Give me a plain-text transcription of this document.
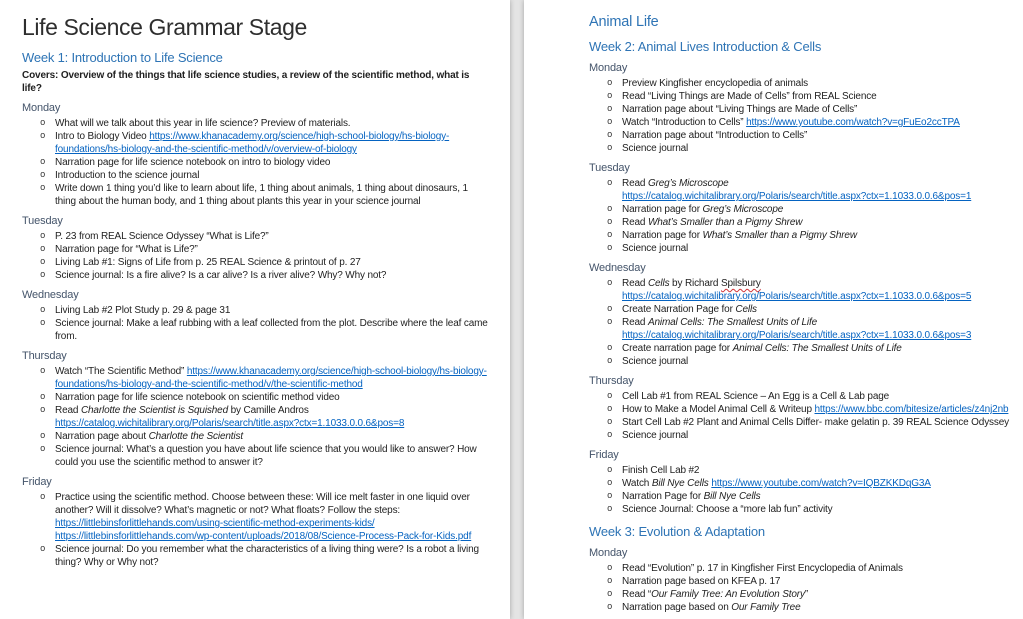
Life Science Grammar Stage
Week 1: Introduction to Life Science
Covers: Overview of the things that life science studies, a review of the scientific method, what is life?
Monday
o What will we talk about this year in life science? Preview of materials.
o Intro to Biology Video https://www.khanacademy.org/science/high-school-biology/hs-biology-foundations/hs-biology-and-the-scientific-method/v/overview-of-biology
o Narration page for life science notebook on intro to biology video
o Introduction to the science journal
o Write down 1 thing you’d like to learn about life, 1 thing about animals, 1 thing about dinosaurs, 1 thing about the human body, and 1 thing about plants this year in your science journal
Tuesday
o P. 23 from REAL Science Odyssey “What is Life?”
o Narration page for “What is Life?”
o Living Lab #1: Signs of Life from p. 25 REAL Science & printout of p. 27
o Science journal: Is a fire alive? Is a car alive? Is a river alive? Why? Why not?
Wednesday
o Living Lab #2 Plot Study p. 29 & page 31
o Science journal: Make a leaf rubbing with a leaf collected from the plot. Describe where the leaf came from.
Thursday
o Watch “The Scientific Method” https://www.khanacademy.org/science/high-school-biology/hs-biology-foundations/hs-biology-and-the-scientific-method/v/the-scientific-method
o Narration page for life science notebook on scientific method video
o Read Charlotte the Scientist is Squished by Camille Andros
https://catalog.wichitalibrary.org/Polaris/search/title.aspx?ctx=1.1033.0.0.6&pos=8
o Narration page about Charlotte the Scientist
o Science journal: What’s a question you have about life science that you would like to answer? How could you use the scientific method to answer it?
Friday
o Practice using the scientific method. Choose between these: Will ice melt faster in one liquid over another? Will it dissolve? What’s magnetic or not? What floats? Follow the steps:
https://littlebinsforlittlehands.com/using-scientific-method-experiments-kids/
https://littlebinsforlittlehands.com/wp-content/uploads/2018/08/Science-Process-Pack-for-Kids.pdf
o Science journal: Do you remember what the characteristics of a living thing were? Is a robot a living thing? Why or Why not?
Animal Life
Week 2: Animal Lives Introduction & Cells
Monday
o Preview Kingfisher encyclopedia of animals
o Read “Living Things are Made of Cells” from REAL Science
o Narration page about “Living Things are Made of Cells”
o Watch “Introduction to Cells” https://www.youtube.com/watch?v=gFuEo2ccTPA
o Narration page about “Introduction to Cells”
o Science journal
Tuesday
o Read Greg’s Microscope
https://catalog.wichitalibrary.org/Polaris/search/title.aspx?ctx=1.1033.0.0.6&pos=1
o Narration page for Greg’s Microscope
o Read What’s Smaller than a Pigmy Shrew
o Narration page for What’s Smaller than a Pigmy Shrew
o Science journal
Wednesday
o Read Cells by Richard Spilsbury
https://catalog.wichitalibrary.org/Polaris/search/title.aspx?ctx=1.1033.0.0.6&pos=5
o Create Narration Page for Cells
o Read Animal Cells: The Smallest Units of Life
https://catalog.wichitalibrary.org/Polaris/search/title.aspx?ctx=1.1033.0.0.6&pos=3
o Create narration page for Animal Cells: The Smallest Units of Life
o Science journal
Thursday
o Cell Lab #1 from REAL Science – An Egg is a Cell & Lab page
o How to Make a Model Animal Cell & Writeup https://www.bbc.com/bitesize/articles/z4nj2nb
o Start Cell Lab #2 Plant and Animal Cells Differ- make gelatin p. 39 REAL Science Odyssey
o Science journal
Friday
o Finish Cell Lab #2
o Watch Bill Nye Cells https://www.youtube.com/watch?v=IQBZKKDqG3A
o Narration Page for Bill Nye Cells
o Science Journal: Choose a “more lab fun” activity
Week 3: Evolution & Adaptation
Monday
o Read “Evolution” p. 17 in Kingfisher First Encyclopedia of Animals
o Narration page based on KFEA p. 17
o Read “Our Family Tree: An Evolution Story”
o Narration page based on Our Family Tree
